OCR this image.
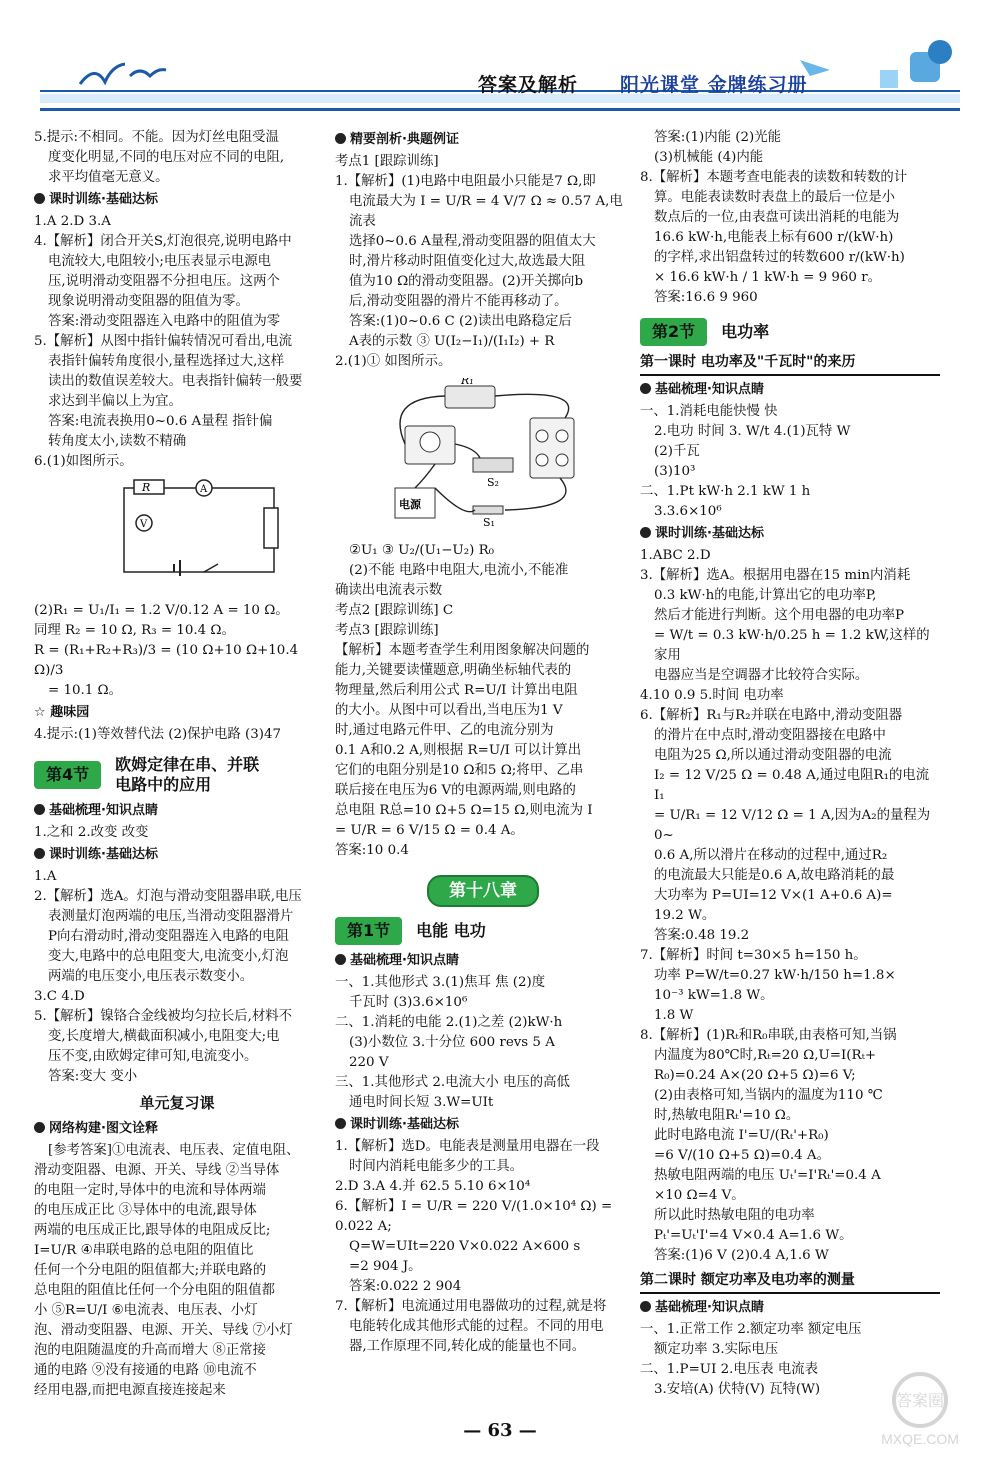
答案及解析 阳光课堂 金牌练习册

5.提示:不相同。不能。因为灯丝电阻受温

度变化明显,不同的电压对应不同的电阻,

求平均值毫无意义。

课时训练·基础达标

1.A 2.D 3.A

4.【解析】闭合开关S,灯泡很亮,说明电路中

电流较大,电阻较小;电压表显示电源电

压,说明滑动变阻器不分担电压。这两个

现象说明滑动变阻器的阻值为零。

答案:滑动变阻器连入电路中的阻值为零

5.【解析】从图中指针偏转情况可看出,电流

表指针偏转角度很小,量程选择过大,这样

读出的数值误差较大。电表指针偏转一般要

求达到半偏以上为宜。

答案:电流表换用0~0.6 A量程 指针偏

转角度太小,读数不精确

6.(1)如图所示。

R	A
V

(2)R₁ = U₁/I₁ = 1.2 V/0.12 A = 10 Ω。

同理 R₂ = 10 Ω, R₃ = 10.4 Ω。

R = (R₁+R₂+R₃)/3 = (10 Ω+10 Ω+10.4 Ω)/3

= 10.1 Ω。

☆ 趣味园

4.提示:(1)等效替代法 (2)保护电路 (3)47

第4节
欧姆定律在串、并联
电路中的应用
基础梳理·知识点睛

1.之和 2.改变 改变

课时训练·基础达标

1.A

2.【解析】选A。灯泡与滑动变阻器串联,电压

表测量灯泡两端的电压,当滑动变阻器滑片

P向右滑动时,滑动变阻器连入电路的电阻

变大,电路中的总电阻变大,电流变小,灯泡

两端的电压变小,电压表示数变小。

3.C 4.D

5.【解析】镍铬合金线被均匀拉长后,材料不

变,长度增大,横截面积减小,电阻变大;电

压不变,由欧姆定律可知,电流变小。

答案:变大 变小

单元复习课
网络构建·图文诠释

[参考答案]①电流表、电压表、定值电阻、

滑动变阻器、电源、开关、导线 ②当导体

的电阻一定时,导体中的电流和导体两端

的电压成正比 ③导体中的电流,跟导体

两端的电压成正比,跟导体的电阻成反比;

I=U/R ④串联电路的总电阻的阻值比

任何一个分电阻的阻值都大;并联电路的

总电阻的阻值比任何一个分电阻的阻值都

小 ⑤R=U/I ⑥电流表、电压表、小灯

泡、滑动变阻器、电源、开关、导线 ⑦小灯

泡的电阻随温度的升高而增大 ⑧正常接

通的电路 ⑨没有接通的电路 ⑩电流不

经用电器,而把电源直接连接起来

精要剖析·典题例证

考点1 [跟踪训练]

1.【解析】(1)电路中电阻最小只能是7 Ω,即

电流最大为 I = U/R = 4 V/7 Ω ≈ 0.57 A,电流表

选择0~0.6 A量程,滑动变阻器的阻值太大

时,滑片移动时阻值变化过大,故选最大阻

值为10 Ω的滑动变阻器。(2)开关掷向b

后,滑动变阻器的滑片不能再移动了。

答案:(1)0~0.6 C (2)读出电路稳定后

A表的示数 ③ U(I₂−I₁)/(I₁I₂) + R

2.(1)① 如图所示。

R₁
S₂
电源
S₁

②U₁ ③ U₂/(U₁−U₂) R₀

(2)不能 电路中电阻大,电流小,不能准

确读出电流表示数

考点2 [跟踪训练] C

考点3 [跟踪训练]

【解析】本题考查学生利用图象解决问题的

能力,关键要读懂题意,明确坐标轴代表的

物理量,然后利用公式 R=U/I 计算出电阻

的大小。从图中可以看出,当电压为1 V

时,通过电路元件甲、乙的电流分别为

0.1 A和0.2 A,则根据 R=U/I 可以计算出

它们的电阻分别是10 Ω和5 Ω;将甲、乙串

联后接在电压为6 V的电源两端,则电路的

总电阻 R总=10 Ω+5 Ω=15 Ω,则电流为 I

= U/R = 6 V/15 Ω = 0.4 A。

答案:10 0.4

第十八章
第1节	电能 电功
基础梳理·知识点睛

一、1.其他形式 3.(1)焦耳 焦 (2)度

千瓦时 (3)3.6×10⁶

二、1.消耗的电能 2.(1)之差 (2)kW·h

(3)小数位 3.十分位 600 revs 5 A

220 V

三、1.其他形式 2.电流大小 电压的高低

通电时间长短 3.W=UIt

课时训练·基础达标

1.【解析】选D。电能表是测量用电器在一段

时间内消耗电能多少的工具。

2.D 3.A 4.并 62.5 5.10 6×10⁴

6.【解析】I = U/R = 220 V/(1.0×10⁴ Ω) = 0.022 A;

Q=W=UIt=220 V×0.022 A×600 s

=2 904 J。

答案:0.022 2 904

7.【解析】电流通过用电器做功的过程,就是将

电能转化成其他形式能的过程。不同的用电

器,工作原理不同,转化成的能量也不同。

答案:(1)内能 (2)光能

(3)机械能 (4)内能

8.【解析】本题考查电能表的读数和转数的计

算。电能表读数时表盘上的最后一位是小

数点后的一位,由表盘可读出消耗的电能为

16.6 kW·h,电能表上标有600 r/(kW·h)

的字样,求出铝盘转过的转数600 r/(kW·h)

× 16.6 kW·h / 1 kW·h = 9 960 r。

答案:16.6 9 960

第2节	电功率
第一课时 电功率及"千瓦时"的来历
基础梳理·知识点睛

一、1.消耗电能快慢 快

2.电功 时间 3. W/t 4.(1)瓦特 W

(2)千瓦

(3)10³

二、1.Pt kW·h 2.1 kW 1 h

3.3.6×10⁶

课时训练·基础达标

1.ABC 2.D

3.【解析】选A。根据用电器在15 min内消耗

0.3 kW·h的电能,计算出它的电功率P,

然后才能进行判断。这个用电器的电功率P

= W/t = 0.3 kW·h/0.25 h = 1.2 kW,这样的家用

电器应当是空调器才比较符合实际。

4.10 0.9 5.时间 电功率

6.【解析】R₁与R₂并联在电路中,滑动变阻器

的滑片在中点时,滑动变阻器接在电路中

电阻为25 Ω,所以通过滑动变阻器的电流

I₂ = 12 V/25 Ω = 0.48 A,通过电阻R₁的电流 I₁

= U/R₁ = 12 V/12 Ω = 1 A,因为A₂的量程为0~

0.6 A,所以滑片在移动的过程中,通过R₂

的电流最大只能是0.6 A,故电路消耗的最

大功率为 P=UI=12 V×(1 A+0.6 A)=

19.2 W。

答案:0.48 19.2

7.【解析】时间 t=30×5 h=150 h。

功率 P=W/t=0.27 kW·h/150 h=1.8×

10⁻³ kW=1.8 W。

1.8 W

8.【解析】(1)Rₜ和R₀串联,由表格可知,当锅

内温度为80℃时,Rₜ=20 Ω,U=I(Rₜ+

R₀)=0.24 A×(20 Ω+5 Ω)=6 V;

(2)由表格可知,当锅内的温度为110 ℃

时,热敏电阻Rₜ'=10 Ω。

此时电路电流 I'=U/(Rₜ'+R₀)

=6 V/(10 Ω+5 Ω)=0.4 A。

热敏电阻两端的电压 Uₜ'=I'Rₜ'=0.4 A

×10 Ω=4 V。

所以此时热敏电阻的电功率

Pₜ'=Uₜ'I'=4 V×0.4 A=1.6 W。

答案:(1)6 V (2)0.4 A,1.6 W

第二课时 额定功率及电功率的测量
基础梳理·知识点睛

一、1.正常工作 2.额定功率 额定电压

额定功率 3.实际电压

二、1.P=UI 2.电压表 电流表

3.安培(A) 伏特(V) 瓦特(W)

— 63 —
答案圈
MXQE.COM
